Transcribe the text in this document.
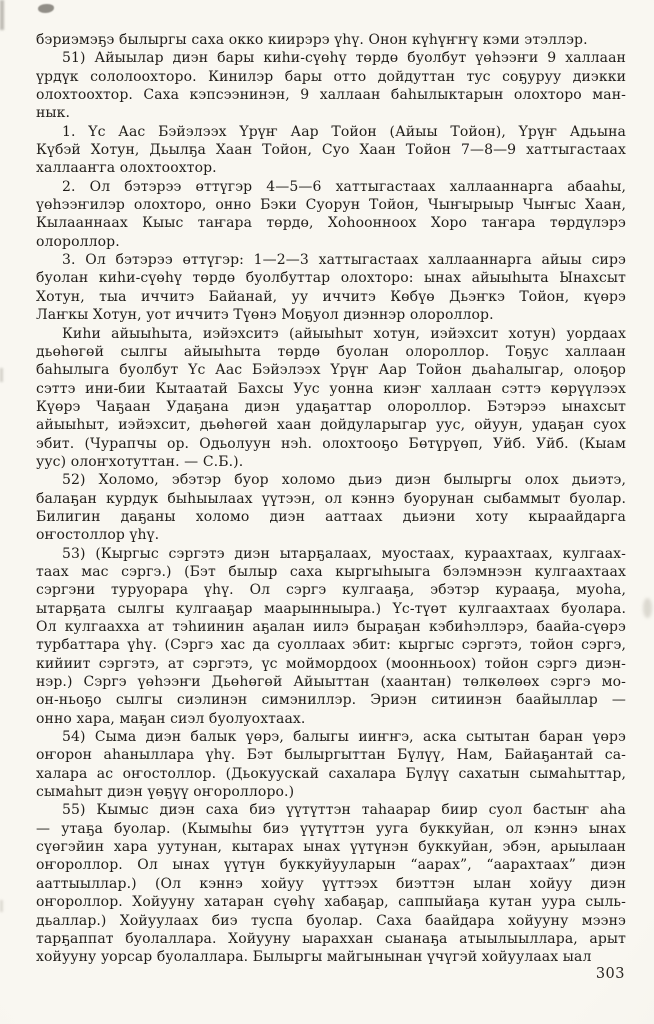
бэриэмэҕэ былыргы саха окко киирэрэ үһү. Онон күһүҥҥү кэми этэллэр.
51) Айыылар диэн бары киһи-сүөһү төрдө буолбут үөһээҥи 9 халлаан
үрдүк сололоохторо. Кинилэр бары отто дойдуттан тус соҕуруу диэкки
олохтоохтор. Саха кэпсээнинэн, 9 халлаан баһылыктарын олохторо ман-
нык.
1. Үс Аас Бэйэлээх Үрүҥ Аар Тойон (Айыы Тойон), Үрүҥ Адьына
Күбэй Хотун, Дьылҕа Хаан Тойон, Суо Хаан Тойон 7—8—9 хаттыгастаах
халлааҥга олохтоохтор.
2. Ол бэтэрээ өттүгэр 4—5—6 хаттыгастаах халлааннарга абааһы,
үөһээҥилэр олохторо, онно Бэки Суорун Тойон, Чыҥырыыр Чыҥыс Хаан,
Кылааннаах Кыыс таҥара төрдө, Хоһоонноох Хоро таҥара төрдүлэрэ
олороллор.
3. Ол бэтэрээ өттүгэр: 1—2—3 хаттыгастаах халлааннарга айыы сирэ
буолан киһи-сүөһү төрдө буолбуттар олохторо: ынах айыыһыта Ынахсыт
Хотун, тыа иччитэ Байанай, уу иччитэ Көбүө Дьэҥкэ Тойон, күөрэ
Лаҥкы Хотун, уот иччитэ Түөнэ Моҕуол диэннэр олороллор.
Киһи айыыһыта, иэйэхситэ (айыыһыт хотун, иэйэхсит хотун) уордаах
дьөһөгөй сылгы айыыһыта төрдө буолан олороллор. Тоҕус халлаан
баһылыга буолбут Үс Аас Бэйэлээх Үрүҥ Аар Тойон дьаһалыгар, олоҕор
сэттэ ини-бии Кытаатай Бахсы Уус уонна киэҥ халлаан сэттэ көрүүлээх
Күөрэ Чаҕаан Удаҕана диэн удаҕаттар олороллор. Бэтэрээ ынахсыт
айыыһыт, иэйэхсит, дьөһөгөй хаан дойдуларыгар уус, ойуун, удаҕан суох
эбит. (Чурапчы ор. Одьолуун нэһ. олохтооҕо Бөтүрүөп, Уйб. Уйб. (Кыам
уус) олоҥхотуттан. — С.Б.).
52) Холомо, эбэтэр буор холомо дьиэ диэн былыргы олох дьиэтэ,
балаҕан курдук быһыылаах үүтээн, ол кэннэ буорунан сыбаммыт буолар.
Билигин даҕаны холомо диэн ааттаах дьиэни хоту кыраайдарга
оҥостоллор үһү.
53) (Кыргыс сэргэтэ диэн ытарҕалаах, муостаах, кураахтаах, кулгаах-
таах мас сэргэ.) (Бэт былыр саха кыргыһыыга бэлэмнээн кулгаахтаах
сэргэни туруорара үһү. Ол сэргэ кулгааҕа, эбэтэр курааҕа, муоһа,
ытарҕата сылгы кулгааҕар маарынныыра.) Үс-түөт кулгаахтаах буолара.
Ол кулгаахха ат тэһиинин аҕалан иилэ быраҕан кэбиһэллэрэ, баайа-сүөрэ
турбаттара үһү. (Сэргэ хас да суоллаах эбит: кыргыс сэргэтэ, тойон сэргэ,
кийиит сэргэтэ, ат сэргэтэ, үс моймордоох (моонньоох) тойон сэргэ диэн-
нэр.) Сэргэ үөһээҥи Дьөһөгөй Айыыттан (хаантан) төлкөлөөх сэргэ мо-
он-ньоҕо сылгы сиэлинэн симэниллэр. Эриэн ситиинэн баайыллар —
онно хара, маҕан сиэл буолуохтаах.
54) Сыма диэн балык үөрэ, балыгы ииҥҥэ, аска сытытан баран үөрэ
оҥорон аһаныллара үһү. Бэт былыргыттан Бүлүү, Нам, Байаҕантай са-
халара ас оҥостоллор. (Дьокуускай сахалара Бүлүү сахатын сымаһыттар,
сымаһыт диэн үөҕүү оҥороллоро.)
55) Кымыс диэн саха биэ үүтүттэн таһаарар биир суол бастыҥ аһа
— утаҕа буолар. (Кымыһы биэ үүтүттэн ууга буккуйан, ол кэннэ ынах
сүөгэйин хара уутунан, кытарах ынах үүтүнэн буккуйан, эбэн, арыылаан
оҥороллор. Ол ынах үүтүн буккуйууларын “аарах”, “аарахтаах” диэн
ааттыыллар.) (Ол кэннэ хойуу үүттээх биэттэн ылан хойуу диэн
оҥороллор. Хойууну хатаран сүөһү хабаҕар, саппыйаҕа кутан уура сыль-
дьаллар.) Хойуулаах биэ туспа буолар. Саха баайдара хойууну мээнэ
тарҕаппат буолаллара. Хойууну ыараххан сыанаҕа атыылыыллара, арыт
хойууну уорсар буолаллара. Былыргы майгынынан үчүгэй хойуулаах ыал
303
